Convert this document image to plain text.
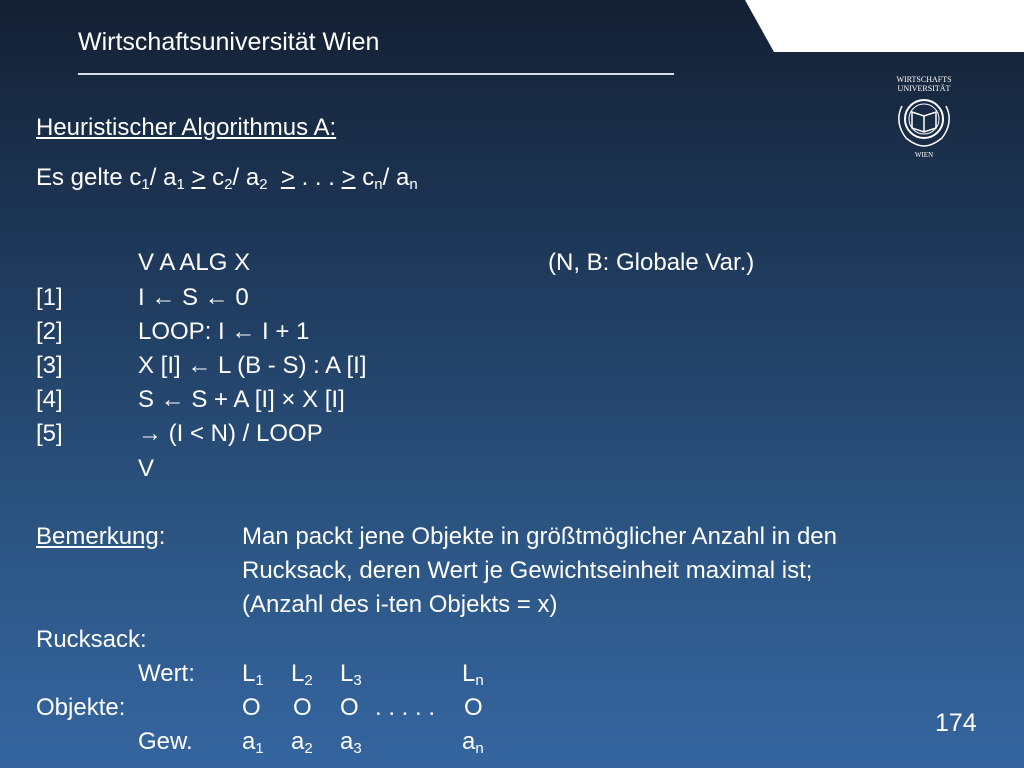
Wirtschaftsuniversität Wien
WIRTSCHAFTS
UNIVERSITÄT
WIEN
Heuristischer Algorithmus A:
Es gelte $c_1/$ $a_1 > c_2/$ $a_2$ > . . . > $c_n/$ $a_n$
V A ALG X	(N, B: Globale Var.)
[1]	I ← S ← 0
[2]	LOOP: I ← I + 1
[3]	X [I] ← L (B - S) : A [I]
[4]	S ← S + A [I] × X [I]
[5]	→ (I < N) / LOOP
V
Bemerkung:	Man packt jene Objekte in größtmöglicher Anzahl in den
Rucksack, deren Wert je Gewichtseinheit maximal ist;
(Anzahl des i-ten Objekts = x)
Rucksack:
Wert: $L_1$ $L_2$ $L_3$	$L_n$
Objekte:	O O O . . . . . O
Gew. $a_1$ $a_2$ $a_3$	$a_n$
174
